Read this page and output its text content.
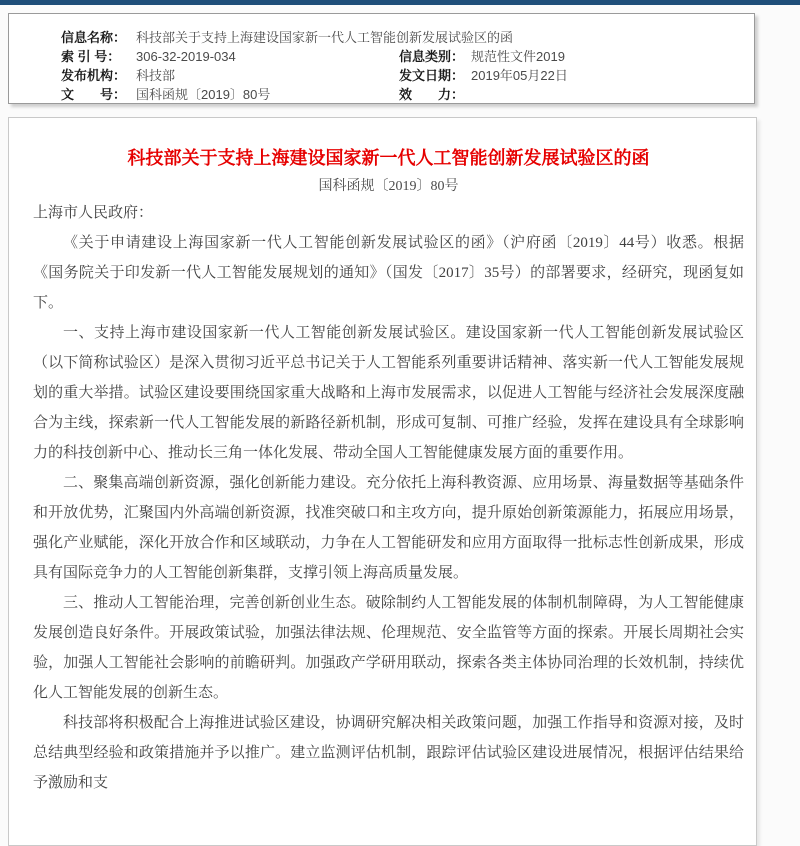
信息名称： 科技部关于支持上海建设国家新一代人工智能创新发展试验区的函
索 引 号： 306-32-2019-034	信息类别： 规范性文件2019
发布机构： 科技部	发文日期： 2019年05月22日
文　　号： 国科函规〔2019〕80号	效　　力：
科技部关于支持上海建设国家新一代人工智能创新发展试验区的函
国科函规〔2019〕80号

上海市人民政府：

《关于申请建设上海国家新一代人工智能创新发展试验区的函》（沪府函〔2019〕44号）收悉。根据《国务院关于印发新一代人工智能发展规划的通知》（国发〔2017〕35号）的部署要求，经研究，现函复如下。

一、支持上海市建设国家新一代人工智能创新发展试验区。建设国家新一代人工智能创新发展试验区（以下简称试验区）是深入贯彻习近平总书记关于人工智能系列重要讲话精神、落实新一代人工智能发展规划的重大举措。试验区建设要围绕国家重大战略和上海市发展需求，以促进人工智能与经济社会发展深度融合为主线，探索新一代人工智能发展的新路径新机制，形成可复制、可推广经验，发挥在建设具有全球影响力的科技创新中心、推动长三角一体化发展、带动全国人工智能健康发展方面的重要作用。

二、聚集高端创新资源，强化创新能力建设。充分依托上海科教资源、应用场景、海量数据等基础条件和开放优势，汇聚国内外高端创新资源，找准突破口和主攻方向，提升原始创新策源能力，拓展应用场景，强化产业赋能，深化开放合作和区域联动，力争在人工智能研发和应用方面取得一批标志性创新成果，形成具有国际竞争力的人工智能创新集群，支撑引领上海高质量发展。

三、推动人工智能治理，完善创新创业生态。破除制约人工智能发展的体制机制障碍，为人工智能健康发展创造良好条件。开展政策试验，加强法律法规、伦理规范、安全监管等方面的探索。开展长周期社会实验，加强人工智能社会影响的前瞻研判。加强政产学研用联动，探索各类主体协同治理的长效机制，持续优化人工智能发展的创新生态。

科技部将积极配合上海推进试验区建设，协调研究解决相关政策问题，加强工作指导和资源对接，及时总结典型经验和政策措施并予以推广。建立监测评估机制，跟踪评估试验区建设进展情况，根据评估结果给予激励和支
